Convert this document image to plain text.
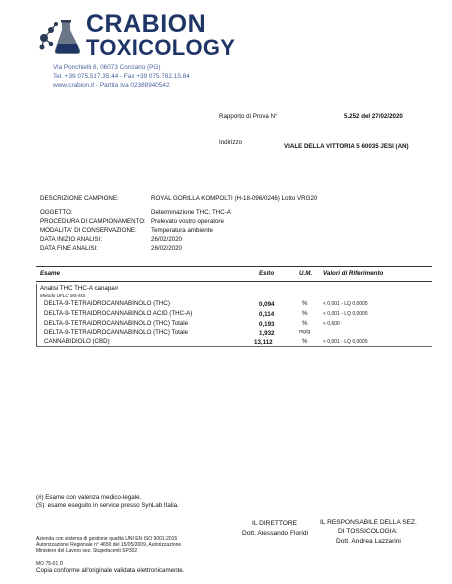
CRABION
TOXICOLOGY
Via Ponchielli 8, 06073 Corciano (PG)
Tel. +39 075.517.35.44 - Fax +39 075.782.15.84
www.crabion.it - Partita Iva 02388940542
Rapporto di Prova N°	5.252 del 27/02/2020
Indirizzo
VIALE DELLA VITTORIA 5 60035 JESI (AN)
DESCRIZIONE CAMPIONE:	ROYAL GORILLA KOMPOLTI (H-18-096/0246) Lotto VRG20
OGGETTO:	Determinazione THC, THC-A
PROCEDURA DI CAMPIONAMENTO: Prelevato vostro operatore
MODALITA' DI CONSERVAZIONE: Temperatura ambiente
DATA INIZIO ANALISI:	26/02/2020
DATA FINE ANALISI:	26/02/2020
Esame	Esito	U.M. Valori di Riferimento
Analisi THC THC-A canapa#
Metodo UFLC MS-MS
DELTA-9-TETRAIDROCANNABINOLO (THC)	0,094	%	< 0,001 - LQ 0,0005
DELTA-9-TETRAIDROCANNABINOLO ACID (THC-A)	0,114	%	< 0,001 - LQ 0,0005
DELTA-9-TETRAIDROCANNABINOLO (THC) Totale	0,193	%	< 0,600
DELTA-9-TETRAIDROCANNABINOLO (THC) Totale	1,932	mg/g
CANNABIDIOLO (CBD)	13,112	%	< 0,001 - LQ 0,0005
(#) Esame con valenza medico-legale.
(S): esame eseguito in service presso SynLab Italia.
IL DIRETTORE
Dott. Alessando Floridi
IL RESPONSABILE DELLA SEZ.
DI TOSSICOLOGIA:
Dott. Andrea Lazzarini
Azienda con sistema di gestione qualità UNI EN ISO 9001:2015
Autorizzazione Regionale n° 4650 del 15/05/2009, Autorizzazione
Ministero del Lavoro sez. Stupefacenti SP302
MO 75-01 D
Copia conforme all'originale validata elettronicamente.
